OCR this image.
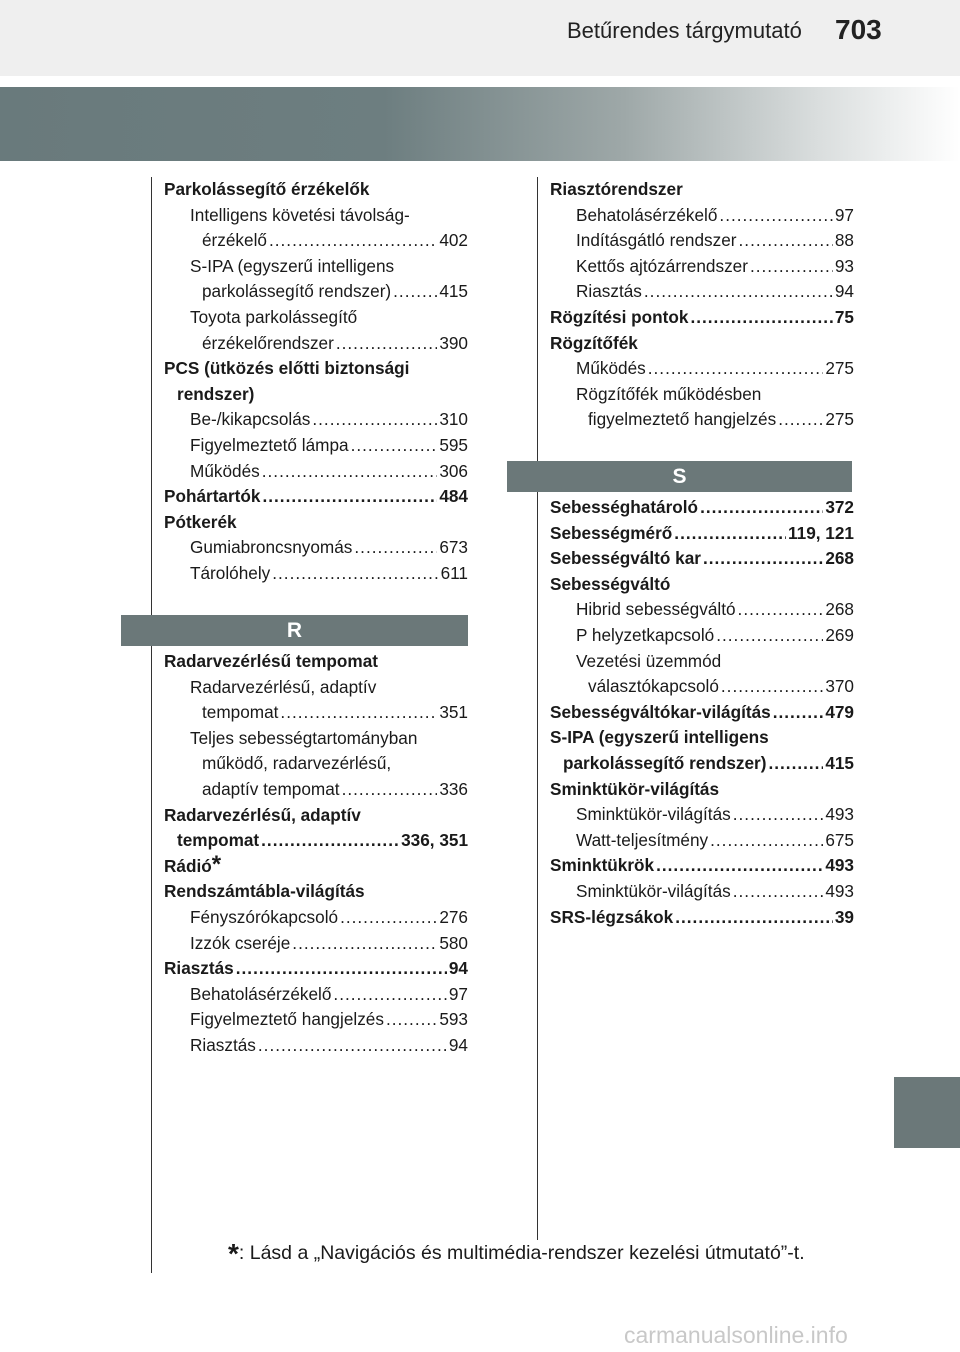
Betűrendes tárgymutató 703
Parkolássegítő érzékelők
Intelligens követési távolság-
érzékelő .....	402
S-IPA (egyszerű intelligens
parkolássegítő rendszer) .....	415
Toyota parkolássegítő
érzékelőrendszer .....	390
PCS (ütközés előtti biztonsági
rendszer)
Be-/kikapcsolás .....	310
Figyelmeztető lámpa .....	595
Működés .....	306
Pohártartók .....	484
Pótkerék
Gumiabroncsnyomás .....	673
Tárolóhely .....	611
R
Radarvezérlésű tempomat
Radarvezérlésű, adaptív
tempomat .....	351
Teljes sebességtartományban
működő, radarvezérlésű,
adaptív tempomat .....	336
Radarvezérlésű, adaptív
tempomat .....	336, 351
Rádió *
Rendszámtábla-világítás
Fényszórókapcsoló .....	276
Izzók cseréje .....	580
Riasztás .....	94
Behatolásérzékelő .....	97
Figyelmeztető hangjelzés .....	593
Riasztás .....	94
Riasztórendszer
Behatolásérzékelő .....	97
Indításgátló rendszer .....	88
Kettős ajtózárrendszer .....	93
Riasztás .....	94
Rögzítési pontok .....	75
Rögzítőfék
Működés .....	275
Rögzítőfék működésben
figyelmeztető hangjelzés .....	275
S
Sebességhatároló .....	372
Sebességmérő .....	119, 121
Sebességváltó kar .....	268
Sebességváltó
Hibrid sebességváltó .....	268
P helyzetkapcsoló .....	269
Vezetési üzemmód
választókapcsoló .....	370
Sebességváltókar-világítás .....	479
S-IPA (egyszerű intelligens
parkolássegítő rendszer) .....	415
Sminktükör-világítás
Sminktükör-világítás .....	493
Watt-teljesítmény .....	675
Sminktükrök .....	493
Sminktükör-világítás .....	493
SRS-légzsákok .....	39
*: Lásd a „Navigációs és multimédia-rendszer kezelési útmutató”-t.
carmanualsonline.info
